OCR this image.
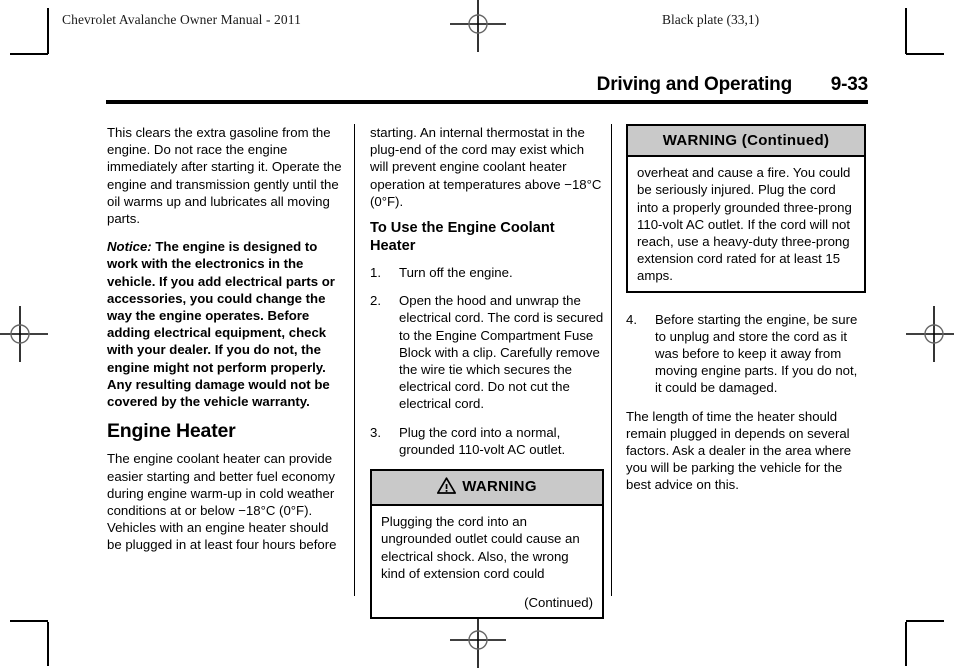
Chevrolet Avalanche Owner Manual - 2011	Black plate (33,1)
Driving and Operating	9-33

This clears the extra gasoline from the engine. Do not race the engine immediately after starting it. Operate the engine and transmission gently until the oil warms up and lubricates all moving parts.

Notice: The engine is designed to work with the electronics in the vehicle. If you add electrical parts or accessories, you could change the way the engine operates. Before adding electrical equipment, check with your dealer. If you do not, the engine might not perform properly. Any resulting damage would not be covered by the vehicle warranty.

Engine Heater

The engine coolant heater can provide easier starting and better fuel economy during engine warm-up in cold weather conditions at or below −18°C (0°F). Vehicles with an engine heater should be plugged in at least four hours before

starting. An internal thermostat in the plug-end of the cord may exist which will prevent engine coolant heater operation at temperatures above −18°C (0°F).

To Use the Engine Coolant Heater
1.	Turn off the engine.
2.	Open the hood and unwrap the electrical cord. The cord is secured to the Engine Compartment Fuse Block with a clip. Carefully remove the wire tie which secures the electrical cord. Do not cut the electrical cord.
3.	Plug the cord into a normal, grounded 110-volt AC outlet.
WARNING

Plugging the cord into an ungrounded outlet could cause an electrical shock. Also, the wrong kind of extension cord could

(Continued)
WARNING (Continued)

overheat and cause a fire. You could be seriously injured. Plug the cord into a properly grounded three-prong 110-volt AC outlet. If the cord will not reach, use a heavy-duty three-prong extension cord rated for at least 15 amps.

4.	Before starting the engine, be sure to unplug and store the cord as it was before to keep it away from moving engine parts. If you do not, it could be damaged.

The length of time the heater should remain plugged in depends on several factors. Ask a dealer in the area where you will be parking the vehicle for the best advice on this.
